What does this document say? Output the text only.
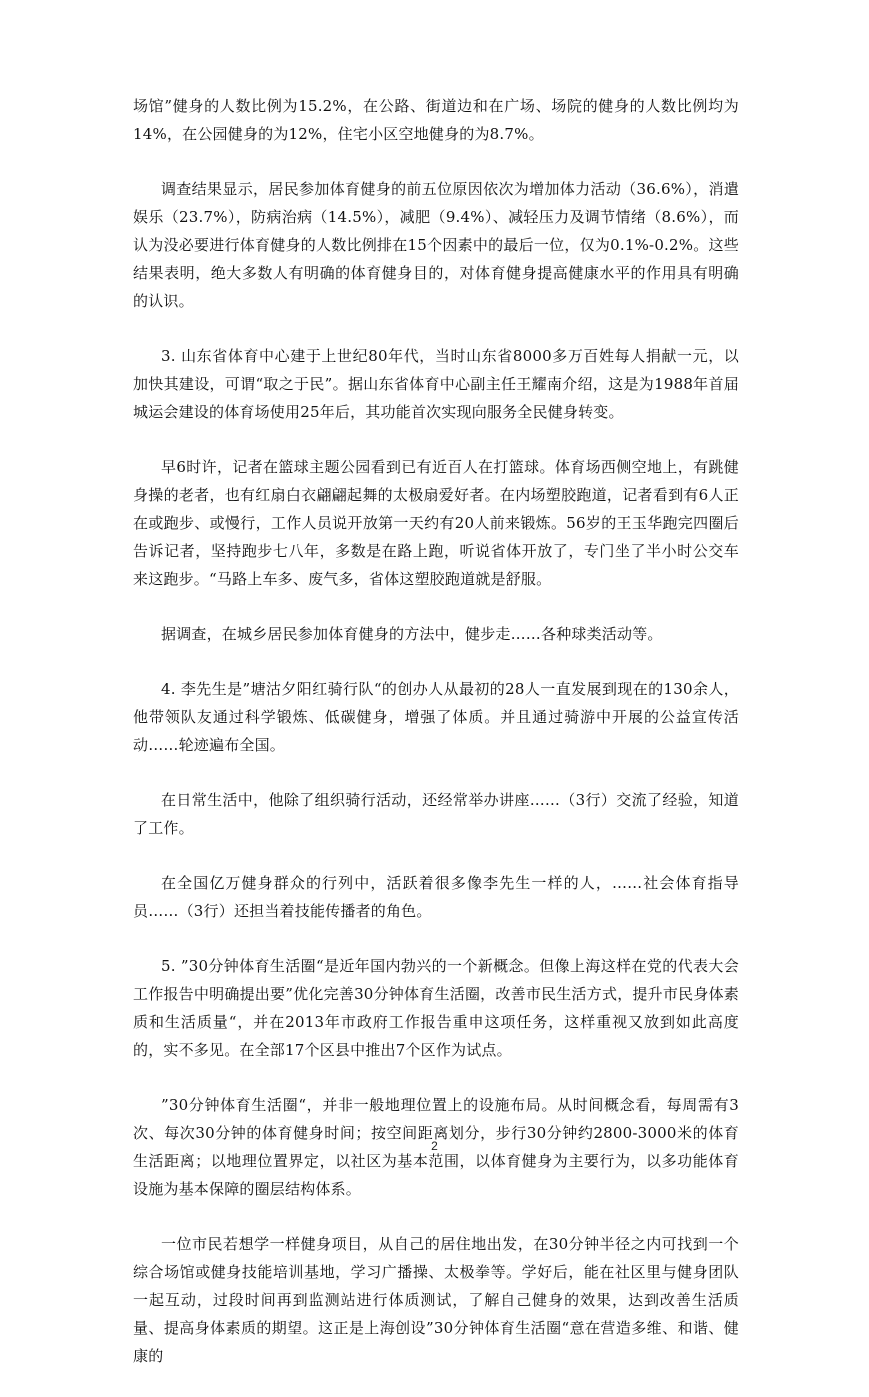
场馆”健身的人数比例为15.2%，在公路、街道边和在广场、场院的健身的人数比例均为14%，在公园健身的为12%，住宅小区空地健身的为8.7%。

调查结果显示，居民参加体育健身的前五位原因依次为增加体力活动（36.6%），消遣娱乐（23.7%），防病治病（14.5%），减肥（9.4%）、减轻压力及调节情绪（8.6%），而认为没必要进行体育健身的人数比例排在15个因素中的最后一位，仅为0.1%-0.2%。这些结果表明，绝大多数人有明确的体育健身目的，对体育健身提高健康水平的作用具有明确的认识。

3. 山东省体育中心建于上世纪80年代，当时山东省8000多万百姓每人捐献一元，以加快其建设，可谓“取之于民”。据山东省体育中心副主任王耀南介绍，这是为1988年首届城运会建设的体育场使用25年后，其功能首次实现向服务全民健身转变。

早6时许，记者在篮球主题公园看到已有近百人在打篮球。体育场西侧空地上，有跳健身操的老者，也有红扇白衣翩翩起舞的太极扇爱好者。在内场塑胶跑道，记者看到有6人正在或跑步、或慢行，工作人员说开放第一天约有20人前来锻炼。56岁的王玉华跑完四圈后告诉记者，坚持跑步七八年，多数是在路上跑，听说省体开放了，专门坐了半小时公交车来这跑步。“马路上车多、废气多，省体这塑胶跑道就是舒服。

据调查，在城乡居民参加体育健身的方法中，健步走……各种球类活动等。

4. 李先生是”塘沽夕阳红骑行队“的创办人从最初的28人一直发展到现在的130余人，他带领队友通过科学锻炼、低碳健身，增强了体质。并且通过骑游中开展的公益宣传活动……轮迹遍布全国。

在日常生活中，他除了组织骑行活动，还经常举办讲座……（3行）交流了经验，知道了工作。

在全国亿万健身群众的行列中，活跃着很多像李先生一样的人，……社会体育指导员……（3行）还担当着技能传播者的角色。

5. ”30分钟体育生活圈“是近年国内勃兴的一个新概念。但像上海这样在党的代表大会工作报告中明确提出要”优化完善30分钟体育生活圈，改善市民生活方式，提升市民身体素质和生活质量“，并在2013年市政府工作报告重申这项任务，这样重视又放到如此高度的，实不多见。在全部17个区县中推出7个区作为试点。

”30分钟体育生活圈“，并非一般地理位置上的设施布局。从时间概念看，每周需有3次、每次30分钟的体育健身时间；按空间距离划分，步行30分钟约2800-3000米的体育生活距离；以地理位置界定，以社区为基本范围，以体育健身为主要行为，以多功能体育设施为基本保障的圈层结构体系。

一位市民若想学一样健身项目，从自己的居住地出发，在30分钟半径之内可找到一个综合场馆或健身技能培训基地，学习广播操、太极拳等。学好后，能在社区里与健身团队一起互动，过段时间再到监测站进行体质测试，了解自己健身的效果，达到改善生活质量、提高身体素质的期望。这正是上海创设”30分钟体育生活圈“意在营造多维、和谐、健康的

2
